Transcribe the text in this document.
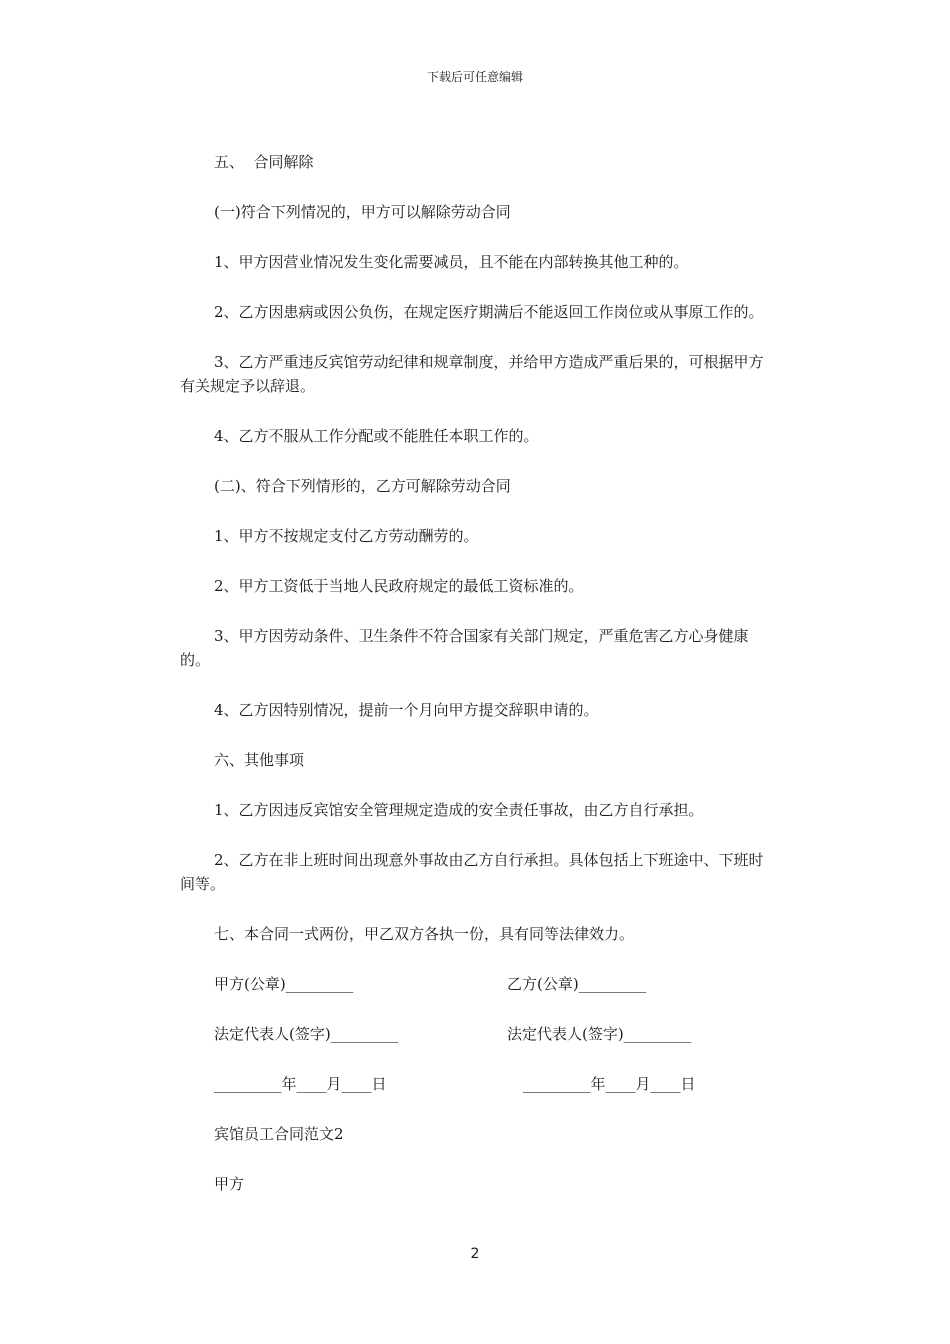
下载后可任意编辑

五、  合同解除

(一)符合下列情况的，甲方可以解除劳动合同

1、甲方因营业情况发生变化需要减员，且不能在内部转换其他工种的。

2、乙方因患病或因公负伤，在规定医疗期满后不能返回工作岗位或从事原工作的。

3、乙方严重违反宾馆劳动纪律和规章制度，并给甲方造成严重后果的，可根据甲方有关规定予以辞退。

4、乙方不服从工作分配或不能胜任本职工作的。

(二)、符合下列情形的，乙方可解除劳动合同

1、甲方不按规定支付乙方劳动酬劳的。

2、甲方工资低于当地人民政府规定的最低工资标准的。

3、甲方因劳动条件、卫生条件不符合国家有关部门规定，严重危害乙方心身健康的。

4、乙方因特别情况，提前一个月向甲方提交辞职申请的。

六、其他事项

1、乙方因违反宾馆安全管理规定造成的安全责任事故，由乙方自行承担。

2、乙方在非上班时间出现意外事故由乙方自行承担。具体包括上下班途中、下班时间等。

七、本合同一式两份，甲乙双方各执一份，具有同等法律效力。

甲方(公章)_________	乙方(公章)_________
法定代表人(签字)_________	法定代表人(签字)_________
_________年____月____日	_________年____月____日

宾馆员工合同范文2

甲方

2
